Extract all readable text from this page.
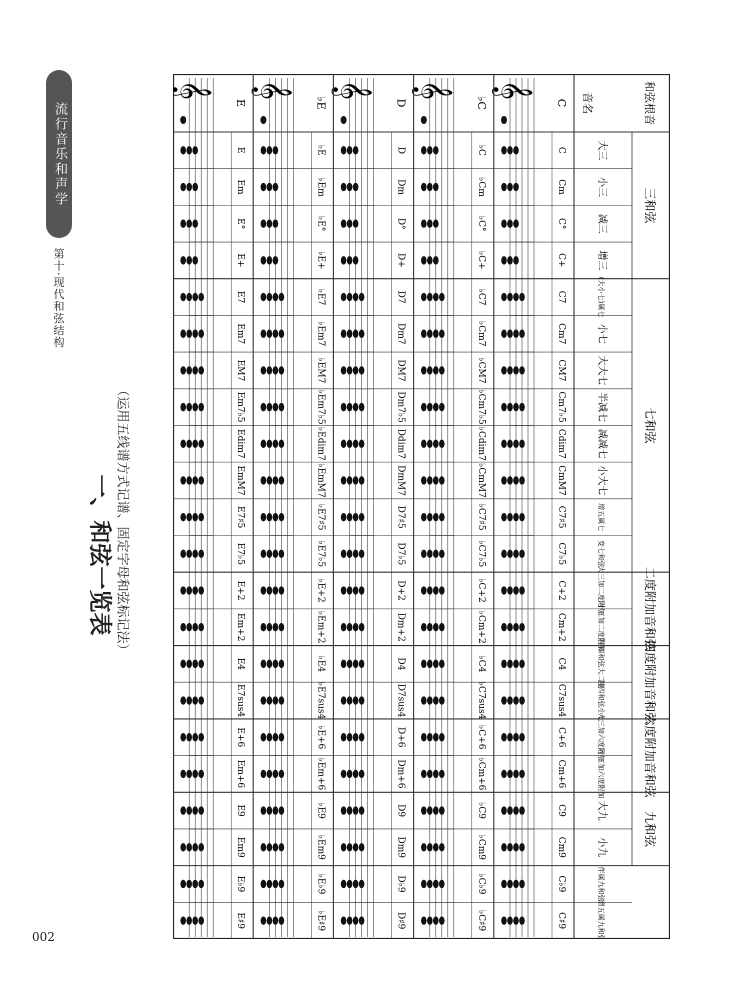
002
流行音乐和声学
第十·现代和弦结构
一、和弦一览表 （运用五线谱方式记谱、固定字母和弦标记法）
和弦根音
音名
三和弦
大三
小三
减三
增三
七和弦
(大小七)属七
小七
大大七
半减七
减减七
小大七
增五属七
变七和弦
二度附加音和弦
大三加二度附加
小三加二度附加
四度附加音和弦
挂四和弦大二度
挂四和弦小七
六度附加音和弦
大三加六度附加
小三加六度附加
九和弦
大九
小九
伴属九和弦
增五属九和弦
C
𝄞
C
Cm
C°
C+
C7
Cm7
CM7
Cm7♭5
Cdim7
CmM7
C7♯5
C7♭5
C+2
Cm+2
C4
C7sus4
C+6
Cm+6
C9
Cm9
C♭9
C♯9
♭C
𝄞
♭C
♭Cm
♭C°
♭C+
♭C7
♭Cm7
♭CM7
♭Cm7♭5
♭Cdim7
♭CmM7
♭C7♯5
♭C7♭5
♭C+2
♭Cm+2
♭C4
♭C7sus4
♭C+6
♭Cm+6
♭C9
♭Cm9
♭C♭9
♭C♯9
D
𝄞
D
Dm
D°
D+
D7
Dm7
DM7
Dm7♭5
Ddim7
DmM7
D7♯5
D7♭5
D+2
Dm+2
D4
D7sus4
D+6
Dm+6
D9
Dm9
D♭9
D♯9
♭E
𝄞
♭E
♭Em
♭E°
♭E+
♭E7
♭Em7
♭EM7
♭Em7♭5
♭Edim7
♭EmM7
♭E7♯5
♭E7♭5
♭E+2
♭Em+2
♭E4
♭E7sus4
♭E+6
♭Em+6
♭E9
♭Em9
♭E♭9
♭E♯9
E
𝄞
E
Em
E°
E+
E7
Em7
EM7
Em7♭5
Edim7
EmM7
E7♯5
E7♭5
E+2
Em+2
E4
E7sus4
E+6
Em+6
E9
Em9
E♭9
E♯9
